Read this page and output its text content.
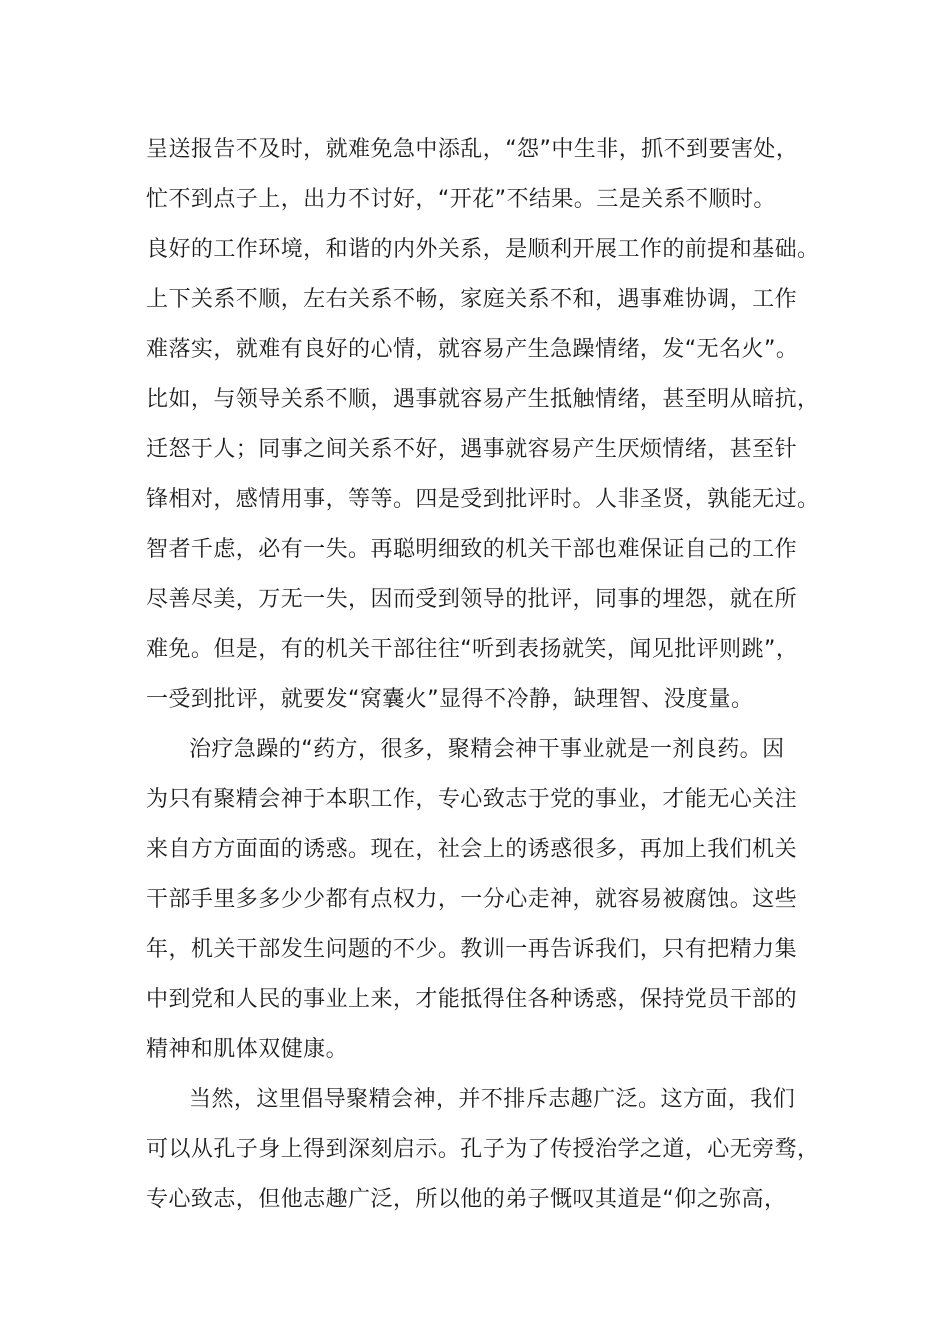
呈送报告不及时，就难免急中添乱，“怨”中生非，抓不到要害处，
忙不到点子上，出力不讨好，“开花”不结果。三是关系不顺时。
良好的工作环境，和谐的内外关系，是顺利开展工作的前提和基础。
上下关系不顺，左右关系不畅，家庭关系不和，遇事难协调，工作
难落实，就难有良好的心情，就容易产生急躁情绪，发“无名火”。
比如，与领导关系不顺，遇事就容易产生抵触情绪，甚至明从暗抗，
迁怒于人；同事之间关系不好，遇事就容易产生厌烦情绪，甚至针
锋相对，感情用事，等等。四是受到批评时。人非圣贤，孰能无过。
智者千虑，必有一失。再聪明细致的机关干部也难保证自己的工作
尽善尽美，万无一失，因而受到领导的批评，同事的埋怨，就在所
难免。但是，有的机关干部往往“听到表扬就笑，闻见批评则跳”，
一受到批评，就要发“窝囊火”显得不冷静，缺理智、没度量。
治疗急躁的“药方，很多，聚精会神干事业就是一剂良药。因
为只有聚精会神于本职工作，专心致志于党的事业，才能无心关注
来自方方面面的诱惑。现在，社会上的诱惑很多，再加上我们机关
干部手里多多少少都有点权力，一分心走神，就容易被腐蚀。这些
年，机关干部发生问题的不少。教训一再告诉我们，只有把精力集
中到党和人民的事业上来，才能抵得住各种诱惑，保持党员干部的
精神和肌体双健康。
当然，这里倡导聚精会神，并不排斥志趣广泛。这方面，我们
可以从孔子身上得到深刻启示。孔子为了传授治学之道，心无旁骛，
专心致志，但他志趣广泛，所以他的弟子慨叹其道是“仰之弥高，
